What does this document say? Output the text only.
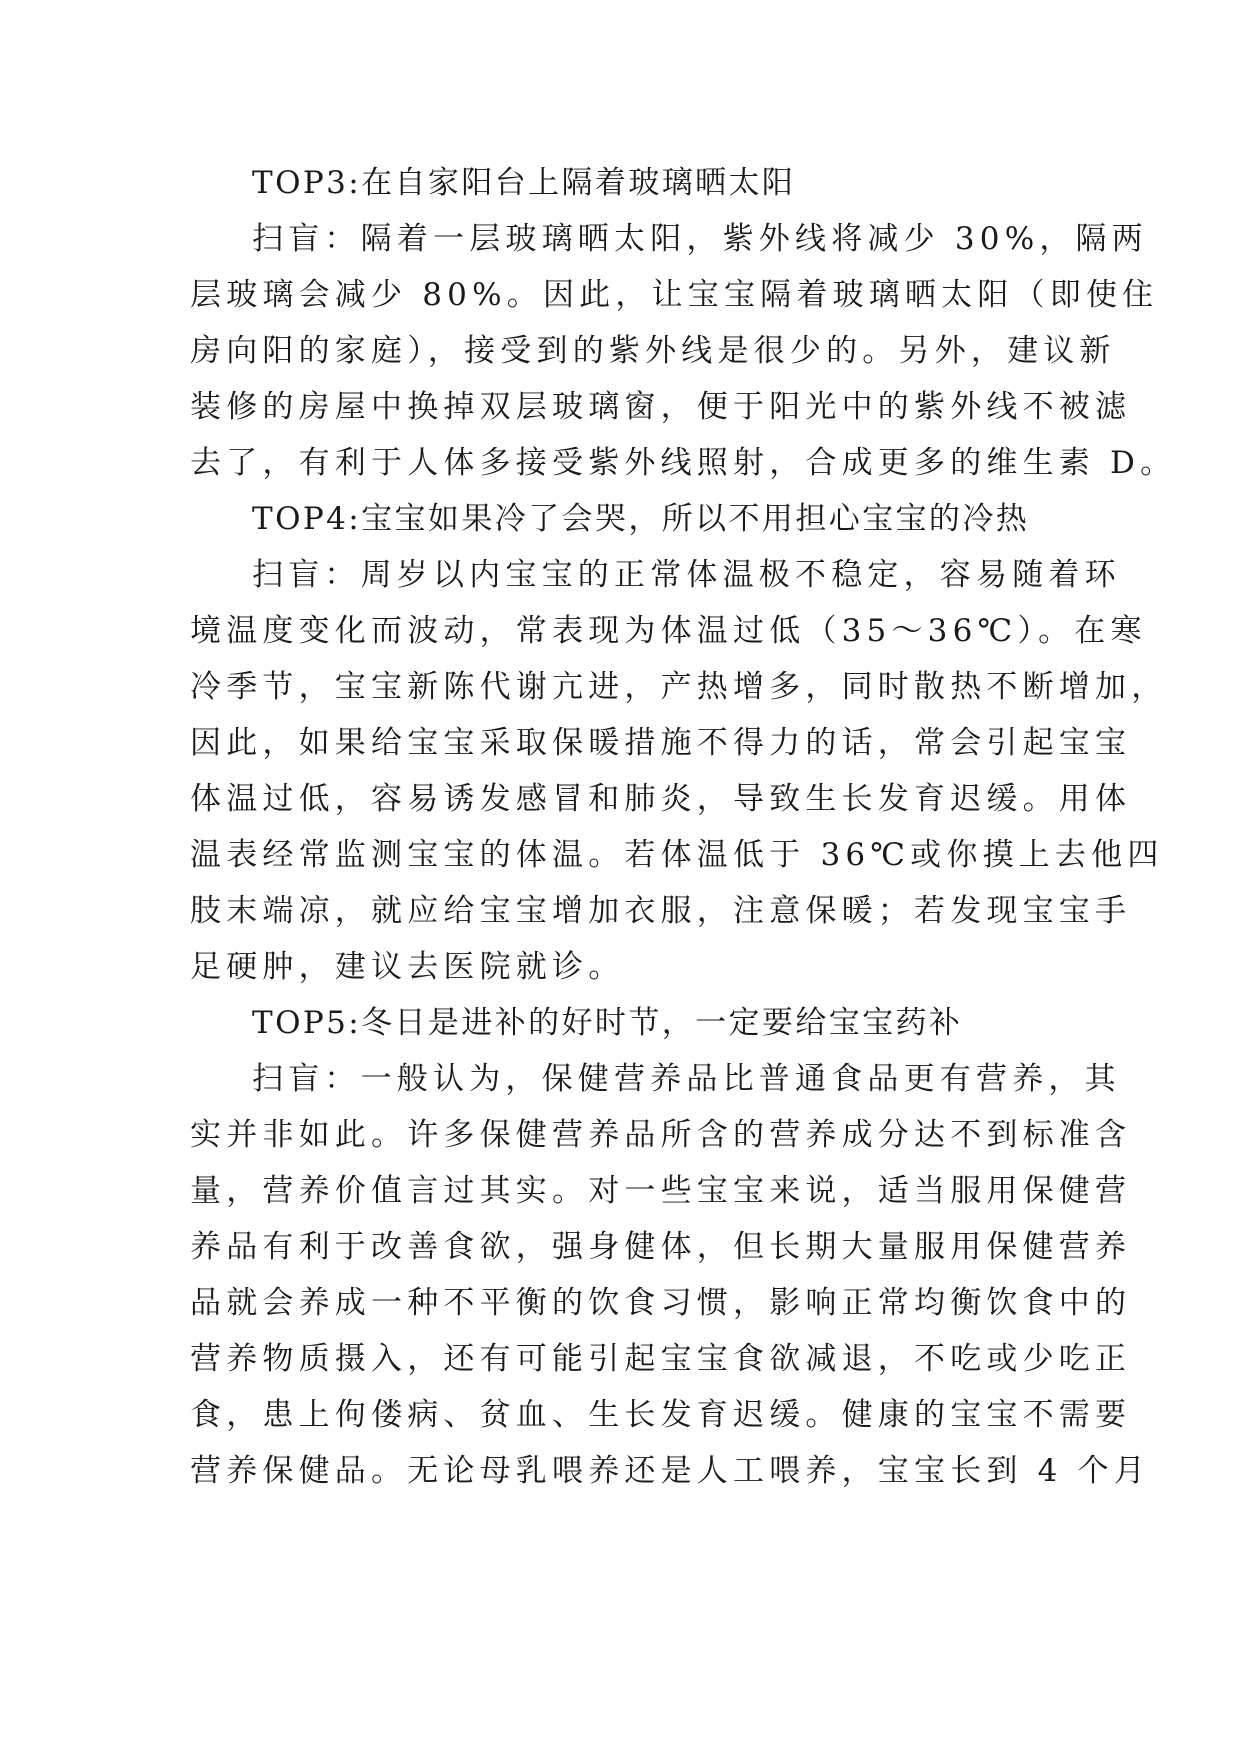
TOP3:在自家阳台上隔着玻璃晒太阳
扫盲：隔着一层玻璃晒太阳，紫外线将减少 30%，隔两
层玻璃会减少 80%。因此，让宝宝隔着玻璃晒太阳（即使住
房向阳的家庭），接受到的紫外线是很少的。另外，建议新
装修的房屋中换掉双层玻璃窗，便于阳光中的紫外线不被滤
去了，有利于人体多接受紫外线照射，合成更多的维生素 D。
TOP4:宝宝如果冷了会哭，所以不用担心宝宝的冷热
扫盲：周岁以内宝宝的正常体温极不稳定，容易随着环
境温度变化而波动，常表现为体温过低（35～36℃）。在寒
冷季节，宝宝新陈代谢亢进，产热增多，同时散热不断增加，
因此，如果给宝宝采取保暖措施不得力的话，常会引起宝宝
体温过低，容易诱发感冒和肺炎，导致生长发育迟缓。用体
温表经常监测宝宝的体温。若体温低于 36℃或你摸上去他四
肢末端凉，就应给宝宝增加衣服，注意保暖；若发现宝宝手
足硬肿，建议去医院就诊。
TOP5:冬日是进补的好时节，一定要给宝宝药补
扫盲：一般认为，保健营养品比普通食品更有营养，其
实并非如此。许多保健营养品所含的营养成分达不到标准含
量，营养价值言过其实。对一些宝宝来说，适当服用保健营
养品有利于改善食欲，强身健体，但长期大量服用保健营养
品就会养成一种不平衡的饮食习惯，影响正常均衡饮食中的
营养物质摄入，还有可能引起宝宝食欲减退，不吃或少吃正
食，患上佝偻病、贫血、生长发育迟缓。健康的宝宝不需要
营养保健品。无论母乳喂养还是人工喂养，宝宝长到 4 个月
